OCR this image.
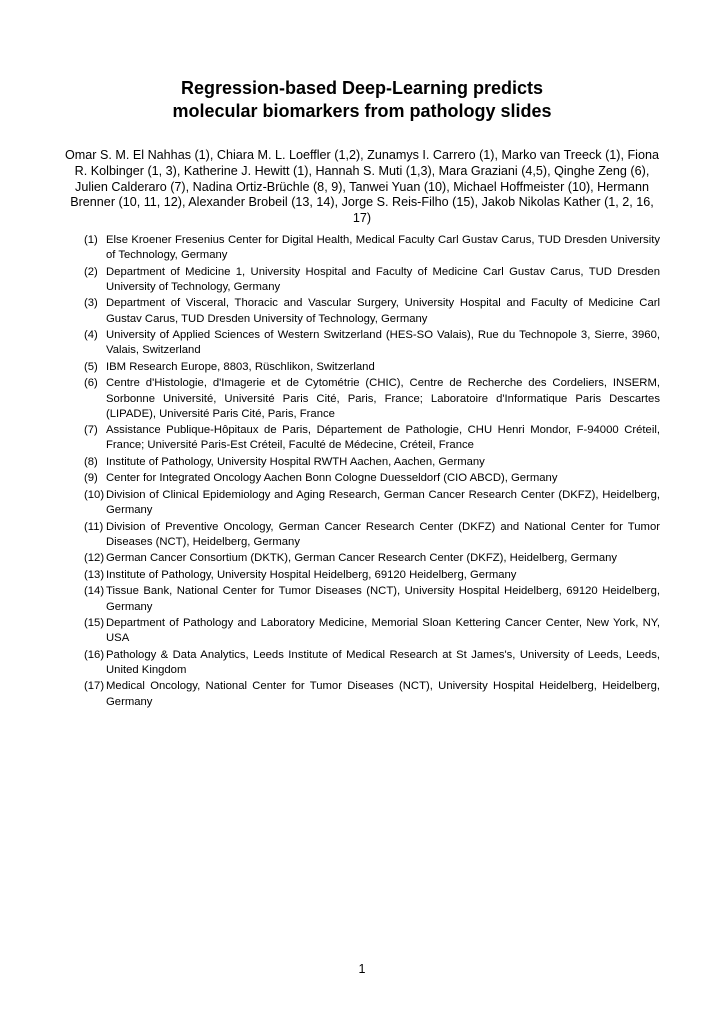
Regression-based Deep-Learning predicts
molecular biomarkers from pathology slides
Omar S. M. El Nahhas (1), Chiara M. L. Loeffler (1,2), Zunamys I. Carrero (1), Marko van Treeck (1), Fiona R. Kolbinger (1, 3), Katherine J. Hewitt (1), Hannah S. Muti (1,3), Mara Graziani (4,5), Qinghe Zeng (6), Julien Calderaro (7), Nadina Ortiz-Brüchle (8, 9), Tanwei Yuan (10), Michael Hoffmeister (10), Hermann Brenner (10, 11, 12), Alexander Brobeil (13, 14), Jorge S. Reis-Filho (15), Jakob Nikolas Kather (1, 2, 16, 17)
(1) Else Kroener Fresenius Center for Digital Health, Medical Faculty Carl Gustav Carus, TUD Dresden University of Technology, Germany
(2) Department of Medicine 1, University Hospital and Faculty of Medicine Carl Gustav Carus, TUD Dresden University of Technology, Germany
(3) Department of Visceral, Thoracic and Vascular Surgery, University Hospital and Faculty of Medicine Carl Gustav Carus, TUD Dresden University of Technology, Germany
(4) University of Applied Sciences of Western Switzerland (HES-SO Valais), Rue du Technopole 3, Sierre, 3960, Valais, Switzerland
(5) IBM Research Europe, 8803, Rüschlikon, Switzerland
(6) Centre d'Histologie, d'Imagerie et de Cytométrie (CHIC), Centre de Recherche des Cordeliers, INSERM, Sorbonne Université, Université Paris Cité, Paris, France; Laboratoire d'Informatique Paris Descartes (LIPADE), Université Paris Cité, Paris, France
(7) Assistance Publique-Hôpitaux de Paris, Département de Pathologie, CHU Henri Mondor, F-94000 Créteil, France; Université Paris-Est Créteil, Faculté de Médecine, Créteil, France
(8) Institute of Pathology, University Hospital RWTH Aachen, Aachen, Germany
(9) Center for Integrated Oncology Aachen Bonn Cologne Duesseldorf (CIO ABCD), Germany
(10) Division of Clinical Epidemiology and Aging Research, German Cancer Research Center (DKFZ), Heidelberg, Germany
(11) Division of Preventive Oncology, German Cancer Research Center (DKFZ) and National Center for Tumor Diseases (NCT), Heidelberg, Germany
(12) German Cancer Consortium (DKTK), German Cancer Research Center (DKFZ), Heidelberg, Germany
(13) Institute of Pathology, University Hospital Heidelberg, 69120 Heidelberg, Germany
(14) Tissue Bank, National Center for Tumor Diseases (NCT), University Hospital Heidelberg, 69120 Heidelberg, Germany
(15) Department of Pathology and Laboratory Medicine, Memorial Sloan Kettering Cancer Center, New York, NY, USA
(16) Pathology & Data Analytics, Leeds Institute of Medical Research at St James's, University of Leeds, Leeds, United Kingdom
(17) Medical Oncology, National Center for Tumor Diseases (NCT), University Hospital Heidelberg, Heidelberg, Germany
1
